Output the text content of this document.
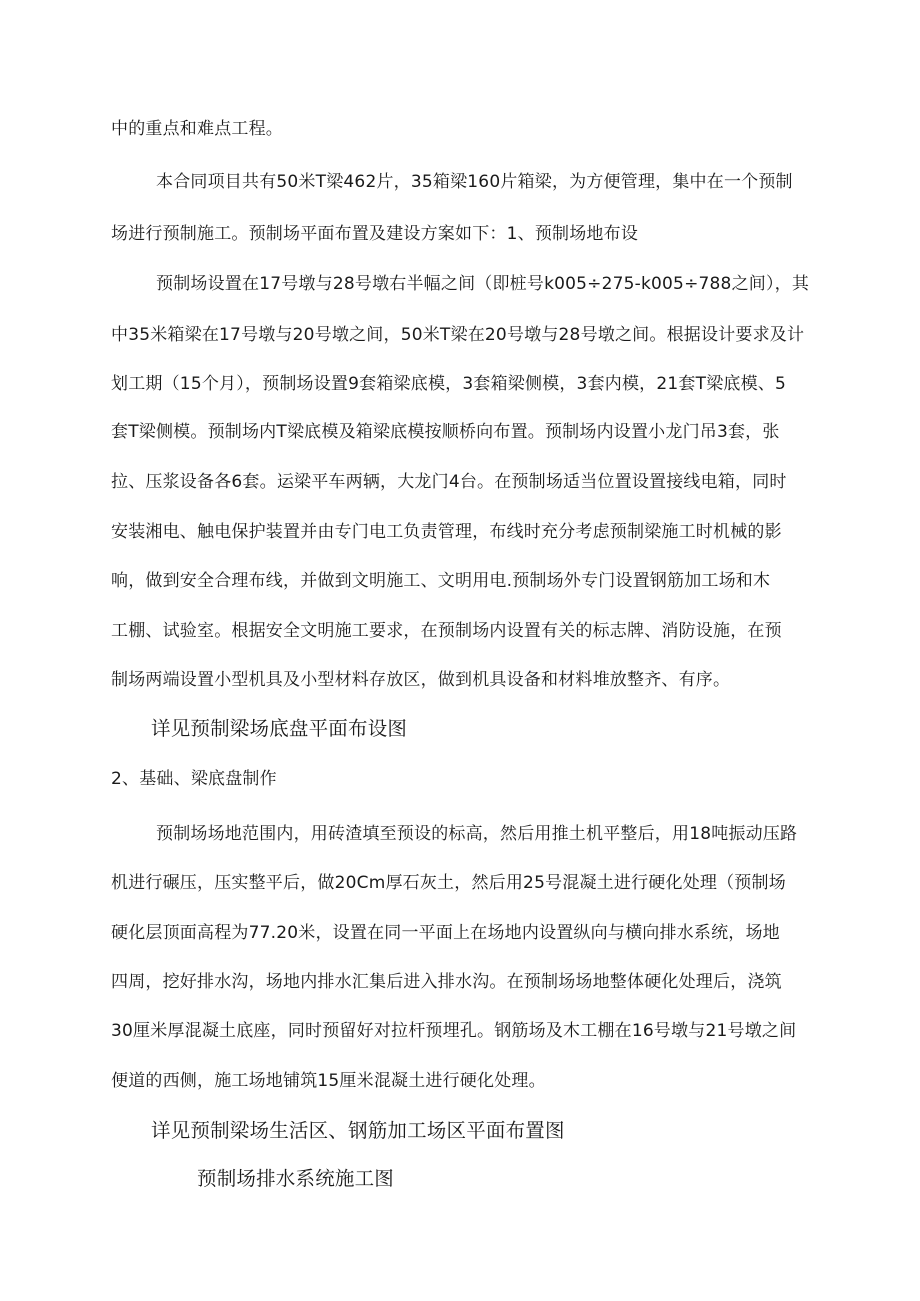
中的重点和难点工程。

本合同项目共有50米T梁462片，35箱梁160片箱梁，为方便管理，集中在一个预制

场进行预制施工。预制场平面布置及建设方案如下：1、预制场地布设

预制场设置在17号墩与28号墩右半幅之间（即桩号k005÷275-k005÷788之间），其

中35米箱梁在17号墩与20号墩之间，50米T梁在20号墩与28号墩之间。根据设计要求及计

划工期（15个月），预制场设置9套箱梁底模，3套箱梁侧模，3套内模，21套T梁底模、5

套T梁侧模。预制场内T梁底模及箱梁底模按顺桥向布置。预制场内设置小龙门吊3套，张

拉、压浆设备各6套。运梁平车两辆，大龙门4台。在预制场适当位置设置接线电箱，同时

安装湘电、触电保护装置并由专门电工负责管理，布线时充分考虑预制梁施工时机械的影

响，做到安全合理布线，并做到文明施工、文明用电.预制场外专门设置钢筋加工场和木

工棚、试验室。根据安全文明施工要求，在预制场内设置有关的标志牌、消防设施，在预

制场两端设置小型机具及小型材料存放区，做到机具设备和材料堆放整齐、有序。

详见预制梁场底盘平面布设图

2、基础、梁底盘制作

预制场场地范围内，用砖渣填至预设的标高，然后用推土机平整后，用18吨振动压路

机进行碾压，压实整平后，做20Cm厚石灰土，然后用25号混凝土进行硬化处理（预制场

硬化层顶面高程为77.20米，设置在同一平面上在场地内设置纵向与横向排水系统，场地

四周，挖好排水沟，场地内排水汇集后进入排水沟。在预制场场地整体硬化处理后，浇筑

30厘米厚混凝土底座，同时预留好对拉杆预埋孔。钢筋场及木工棚在16号墩与21号墩之间

便道的西侧，施工场地铺筑15厘米混凝土进行硬化处理。

详见预制梁场生活区、钢筋加工场区平面布置图

预制场排水系统施工图
